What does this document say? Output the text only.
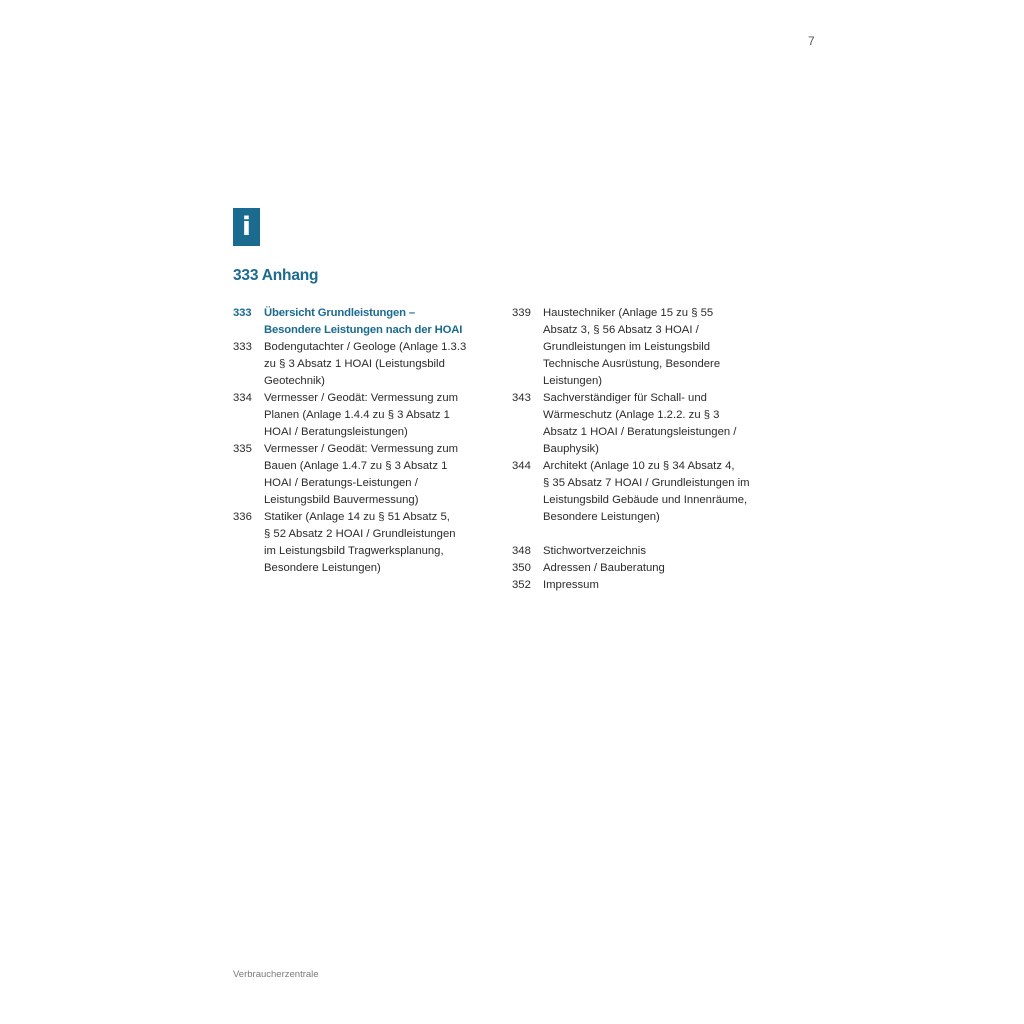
7
i
333 Anhang
333	Übersicht Grundleistungen –
Besondere Leistungen nach der HOAI
333	Bodengutachter / Geologe (Anlage 1.3.3
zu § 3 Absatz 1 HOAI (Leistungsbild
Geotechnik)
334	Vermesser / Geodät: Vermessung zum
Planen (Anlage 1.4.4 zu § 3 Absatz 1
HOAI / Beratungsleistungen)
335	Vermesser / Geodät: Vermessung zum
Bauen (Anlage 1.4.7 zu § 3 Absatz 1
HOAI / Beratungs-Leistungen /
Leistungsbild Bauvermessung)
336	Statiker (Anlage 14 zu § 51 Absatz 5,
§ 52 Absatz 2 HOAI / Grundleistungen
im Leistungsbild Tragwerksplanung,
Besondere Leistungen)
339	Haustechniker (Anlage 15 zu § 55
Absatz 3, § 56 Absatz 3 HOAI /
Grundleistungen im Leistungsbild
Technische Ausrüstung, Besondere
Leistungen)
343	Sachverständiger für Schall- und
Wärmeschutz (Anlage 1.2.2. zu § 3
Absatz 1 HOAI / Beratungsleistungen /
Bauphysik)
344	Architekt (Anlage 10 zu § 34 Absatz 4,
§ 35 Absatz 7 HOAI / Grundleistungen im
Leistungsbild Gebäude und Innenräume,
Besondere Leistungen)
348	Stichwortverzeichnis
350	Adressen / Bauberatung
352	Impressum
Verbraucherzentrale
